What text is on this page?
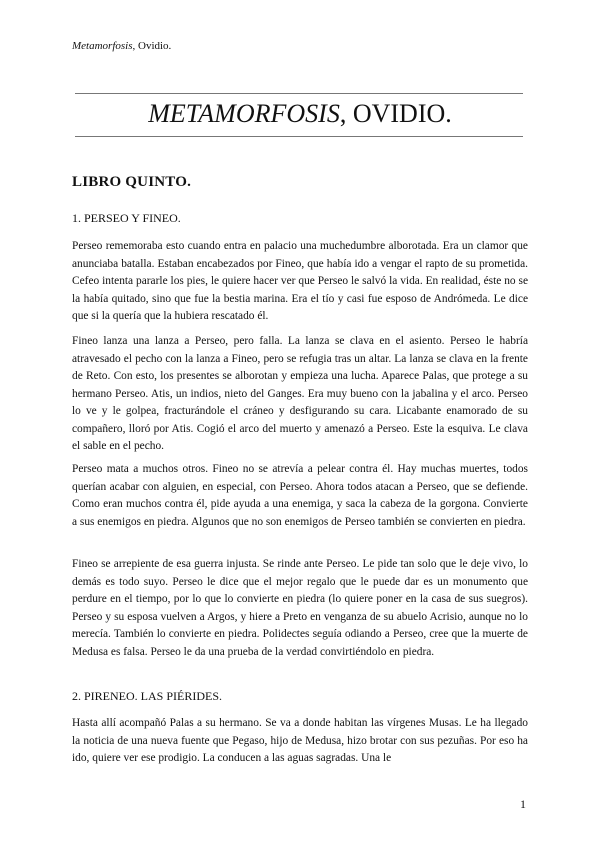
Metamorfosis, Ovidio.
METAMORFOSIS, OVIDIO.
LIBRO QUINTO.
1. PERSEO Y FINEO.

Perseo rememoraba esto cuando entra en palacio una muchedumbre alborotada. Era un clamor que anunciaba batalla. Estaban encabezados por Fineo, que había ido a vengar el rapto de su prometida. Cefeo intenta pararle los pies, le quiere hacer ver que Perseo le salvó la vida. En realidad, éste no se la había quitado, sino que fue la bestia marina. Era el tío y casi fue esposo de Andrómeda. Le dice que si la quería que la hubiera rescatado él.

Fineo lanza una lanza a Perseo, pero falla. La lanza se clava en el asiento. Perseo le habría atravesado el pecho con la lanza a Fineo, pero se refugia tras un altar. La lanza se clava en la frente de Reto. Con esto, los presentes se alborotan y empieza una lucha. Aparece Palas, que protege a su hermano Perseo. Atis, un indios, nieto del Ganges. Era muy bueno con la jabalina y el arco. Perseo lo ve y le golpea, fracturándole el cráneo y desfigurando su cara. Licabante enamorado de su compañero, lloró por Atis. Cogió el arco del muerto y amenazó a Perseo. Este la esquiva. Le clava el sable en el pecho.

Perseo mata a muchos otros. Fineo no se atrevía a pelear contra él. Hay muchas muertes, todos querían acabar con alguien, en especial, con Perseo. Ahora todos atacan a Perseo, que se defiende. Como eran muchos contra él, pide ayuda a una enemiga, y saca la cabeza de la gorgona. Convierte a sus enemigos en piedra. Algunos que no son enemigos de Perseo también se convierten en piedra.

Fineo se arrepiente de esa guerra injusta. Se rinde ante Perseo. Le pide tan solo que le deje vivo, lo demás es todo suyo. Perseo le dice que el mejor regalo que le puede dar es un monumento que perdure en el tiempo, por lo que lo convierte en piedra (lo quiere poner en la casa de sus suegros). Perseo y su esposa vuelven a Argos, y hiere a Preto en venganza de su abuelo Acrisio, aunque no lo merecía. También lo convierte en piedra. Polidectes seguía odiando a Perseo, cree que la muerte de Medusa es falsa. Perseo le da una prueba de la verdad convirtiéndolo en piedra.

2. PIRENEO. LAS PIÉRIDES.

Hasta allí acompañó Palas a su hermano. Se va a donde habitan las vírgenes Musas. Le ha llegado la noticia de una nueva fuente que Pegaso, hijo de Medusa, hizo brotar con sus pezuñas. Por eso ha ido, quiere ver ese prodigio. La conducen a las aguas sagradas. Una le

1
